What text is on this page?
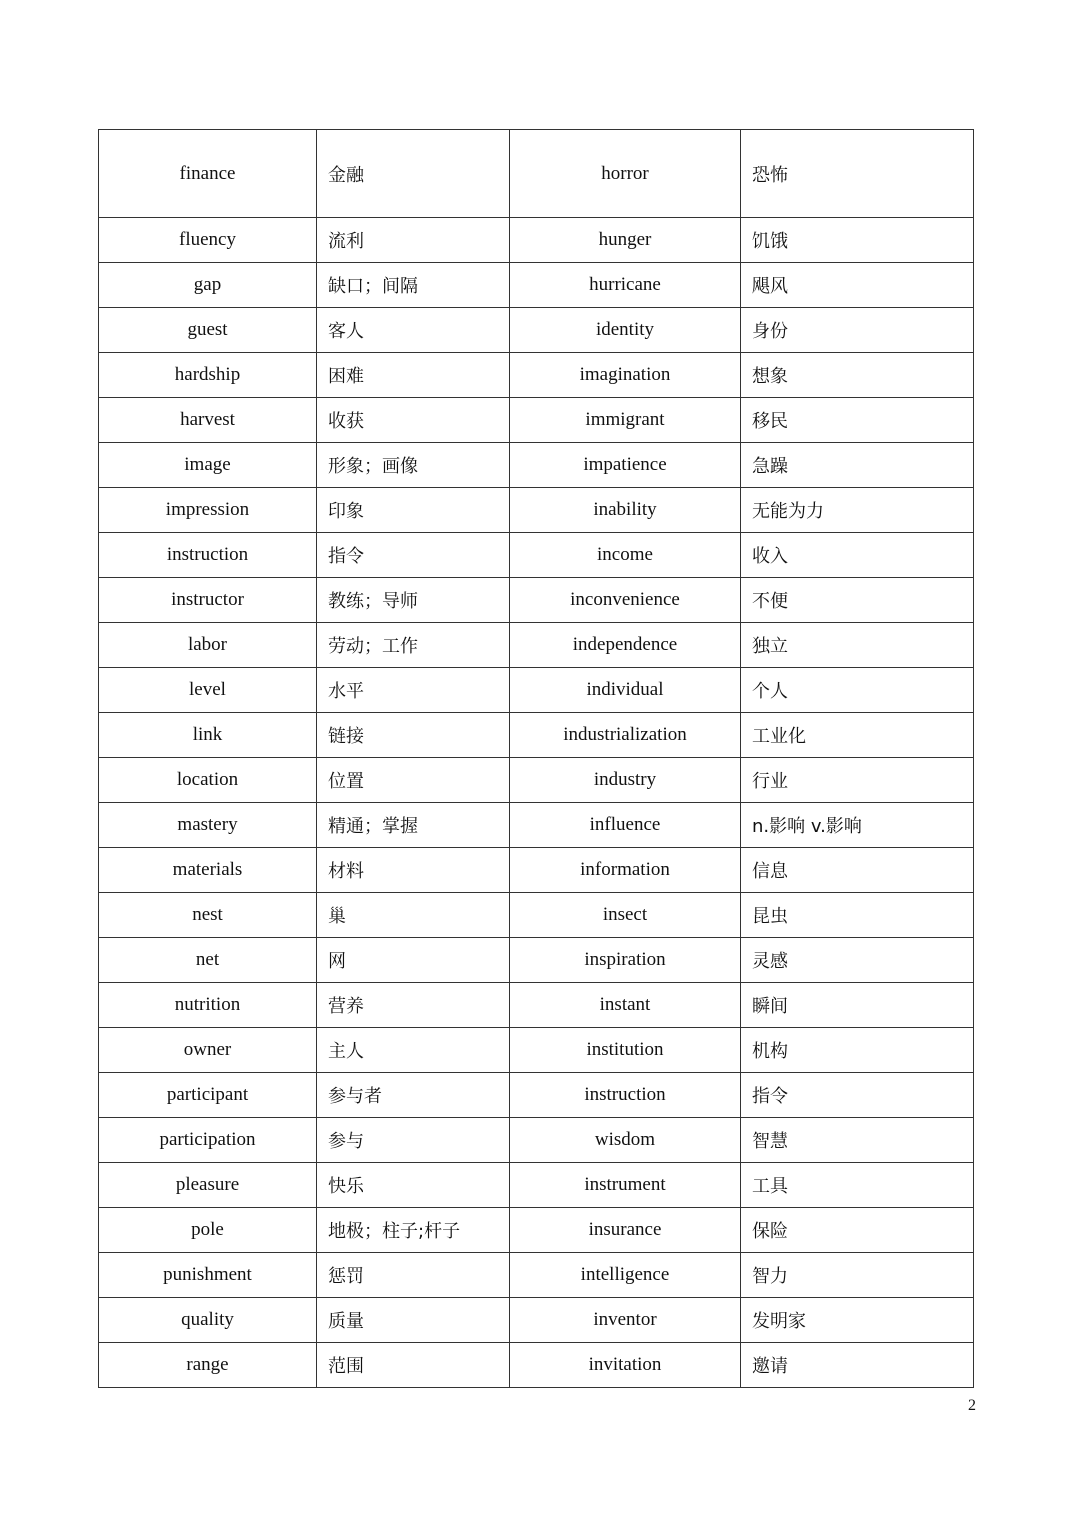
finance	金融	horror	恐怖
fluency	流利	hunger	饥饿
gap	缺口；间隔	hurricane	飓风
guest	客人	identity	身份
hardship	困难	imagination	想象
harvest	收获	immigrant	移民
image	形象；画像	impatience	急躁
impression	印象	inability	无能为力
instruction	指令	income	收入
instructor	教练；导师	inconvenience	不便
labor	劳动；工作	independence	独立
level	水平	individual	个人
link	链接	industrialization	工业化
location	位置	industry	行业
mastery	精通；掌握	influence	n.影响 v.影响
materials	材料	information	信息
nest	巢	insect	昆虫
net	网	inspiration	灵感
nutrition	营养	instant	瞬间
owner	主人	institution	机构
participant	参与者	instruction	指令
participation	参与	wisdom	智慧
pleasure	快乐	instrument	工具
pole	地极；柱子;杆子	insurance	保险
punishment	惩罚	intelligence	智力
quality	质量	inventor	发明家
range	范围	invitation	邀请
2
